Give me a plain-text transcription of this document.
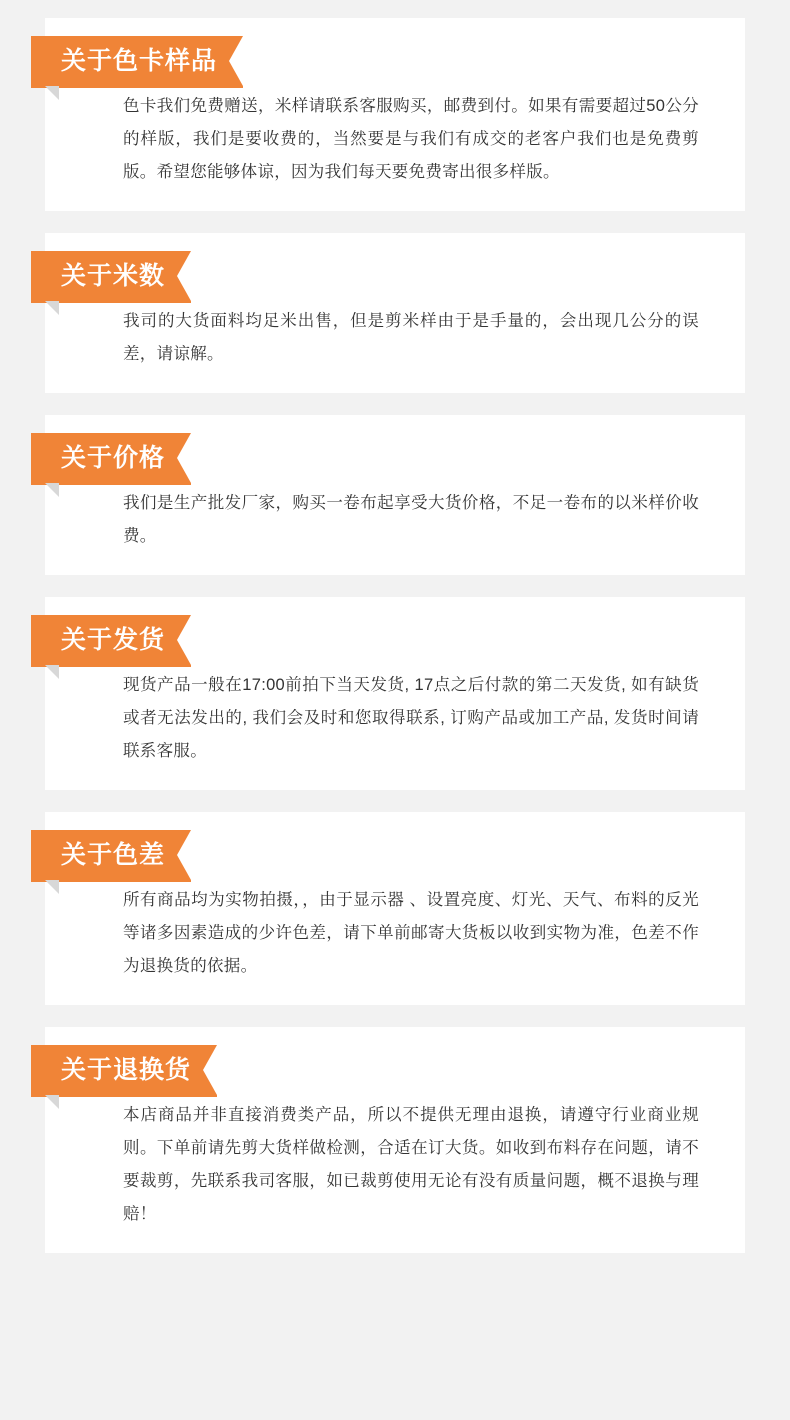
关于色卡样品

色卡我们免费赠送，米样请联系客服购买，邮费到付。如果有需要超过50公分的样版，我们是要收费的，当然要是与我们有成交的老客户我们也是免费剪版。希望您能够体谅，因为我们每天要免费寄出很多样版。

关于米数

我司的大货面料均足米出售，但是剪米样由于是手量的，会出现几公分的误差，请谅解。

关于价格

我们是生产批发厂家，购买一卷布起享受大货价格，不足一卷布的以米样价收费。

关于发货

现货产品一般在17:00前拍下当天发货, 17点之后付款的第二天发货, 如有缺货或者无法发出的, 我们会及时和您取得联系, 订购产品或加工产品, 发货时间请联系客服。

关于色差

所有商品均为实物拍摄，，由于显示器 、设置亮度、灯光、天气、布料的反光等诸多因素造成的少许色差，请下单前邮寄大货板以收到实物为准，色差不作为退换货的依据。

关于退换货

本店商品并非直接消费类产品，所以不提供无理由退换，请遵守行业商业规则。下单前请先剪大货样做检测，合适在订大货。如收到布料存在问题，请不要裁剪，先联系我司客服，如已裁剪使用无论有没有质量问题，概不退换与理赔！
